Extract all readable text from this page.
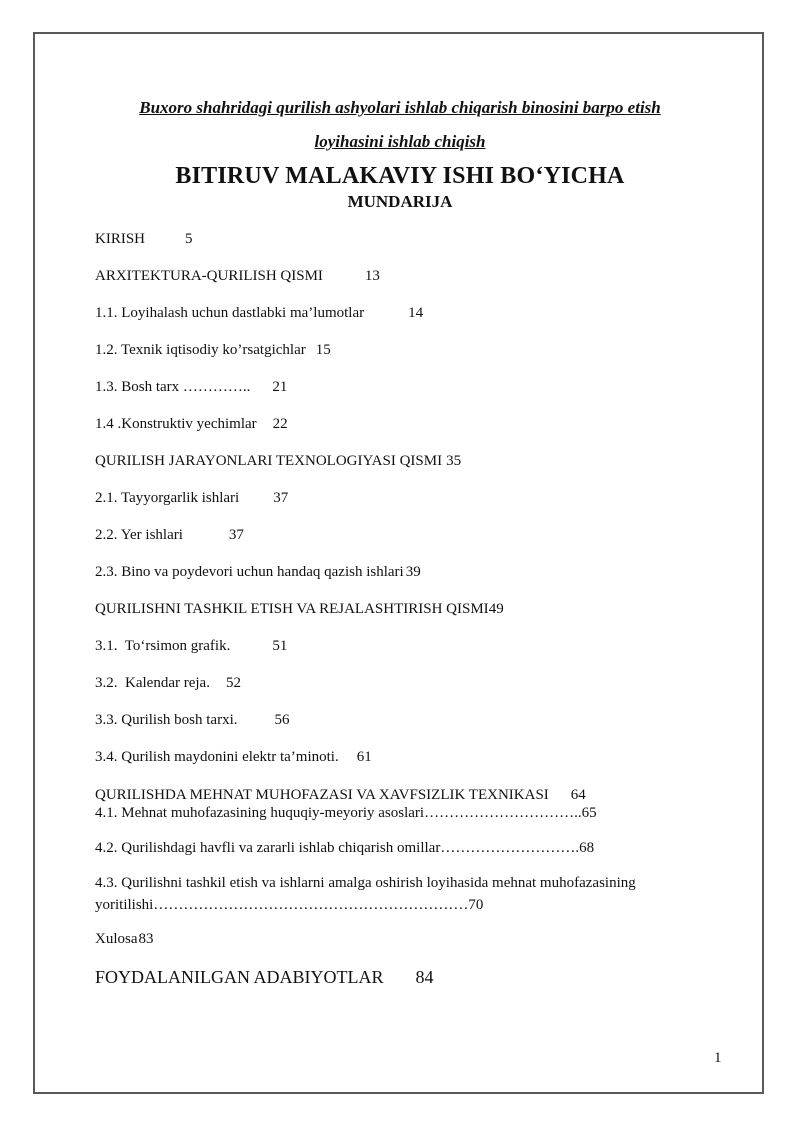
Buxoro shahridagi qurilish ashyolari ishlab chiqarish binosini barpo etish
loyihasini ishlab chiqish
BITIRUV MALAKAVIY ISHI BO‘YICHA
MUNDARIJA
KIRISH	5
ARXITEKTURA-QURILISH QISMI	13
1.1. Loyihalash uchun dastlabki ma’lumotlar	14
1.2. Texnik iqtisodiy ko’rsatgichlar 15
1.3. Bosh tarx ………….. 21
1.4 .Konstruktiv yechimlar 22
QURILISH JARAYONLARI TEXNOLOGIYASI QISMI 35
2.1. Tayyorgarlik ishlari 37
2.2. Yer ishlari	37
2.3. Bino va poydevori uchun handaq qazish ishlari 39
QURILISHNI TASHKIL ETISH VA REJALASHTIRISH QISMI49
3.1.  To‘rsimon grafik.	51
3.2.  Kalendar reja. 52
3.3. Qurilish bosh tarxi. 56
3.4. Qurilish maydonini elektr ta’minoti. 61
QURILISHDA MEHNAT MUHOFAZASI VA XAVFSIZLIK TEXNIKASI 64
4.1. Mehnat muhofazasining huquqiy-meyoriy asoslari…………………………..65
4.2. Qurilishdagi havfli va zararli ishlab chiqarish omillar……………………….68
4.3. Qurilishni tashkil etish va ishlarni amalga oshirish loyihasida mehnat muhofazasining yoritilishi………………………………………………………70
Xulosa83
FOYDALANILGAN ADABIYOTLAR 84
1
